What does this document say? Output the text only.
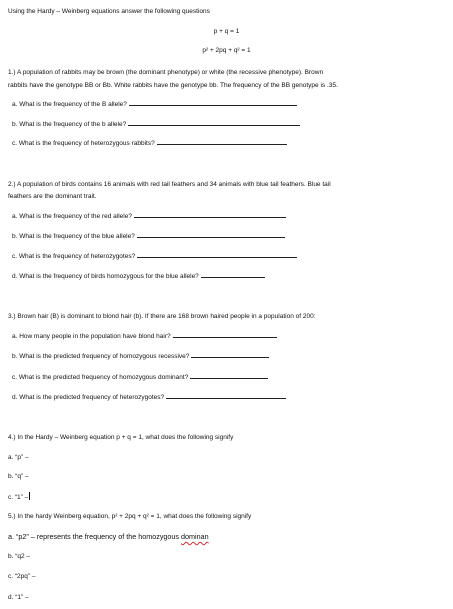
Using the Hardy – Weinberg equations answer the following questions
p + q = 1
p² + 2pq + q² = 1
1.) A population of rabbits may be brown (the dominant phenotype) or white (the recessive phenotype). Brown
rabbits have the genotype BB or Bb. White rabbits have the genotype bb. The frequency of the BB genotype is .35.
a. What is the frequency of the B allele?
b. What is the frequency of the b allele?
c. What is the frequency of heterozygous rabbits?
2.) A population of birds contains 16 animals with red tail feathers and 34 animals with blue tail feathers. Blue tail
feathers are the dominant trait.
a. What is the frequency of the red allele?
b. What is the frequency of the blue allele?
c. What is the frequency of heterozygotes?
d. What is the frequency of birds homozygous for the blue allele?
3.) Brown hair (B) is dominant to blond hair (b). If there are 168 brown haired people in a population of 200:
a. How many people in the population have blond hair?
b. What is the predicted frequency of homozygous recessive?
c. What is the predicted frequency of homozygous dominant?
d. What is the predicted frequency of heterozygotes?
4.) In the Hardy – Weinberg equation p + q = 1, what does the following signify
a. “p” –
b. “q” –
c. “1” –
5.) In the hardy Weinberg equation, p² + 2pq + q² = 1, what does the following signify
a. “p2” – represents the frequency of the homozygous dominan
b. “q2 –
c. “2pq” –
d. “1” –
